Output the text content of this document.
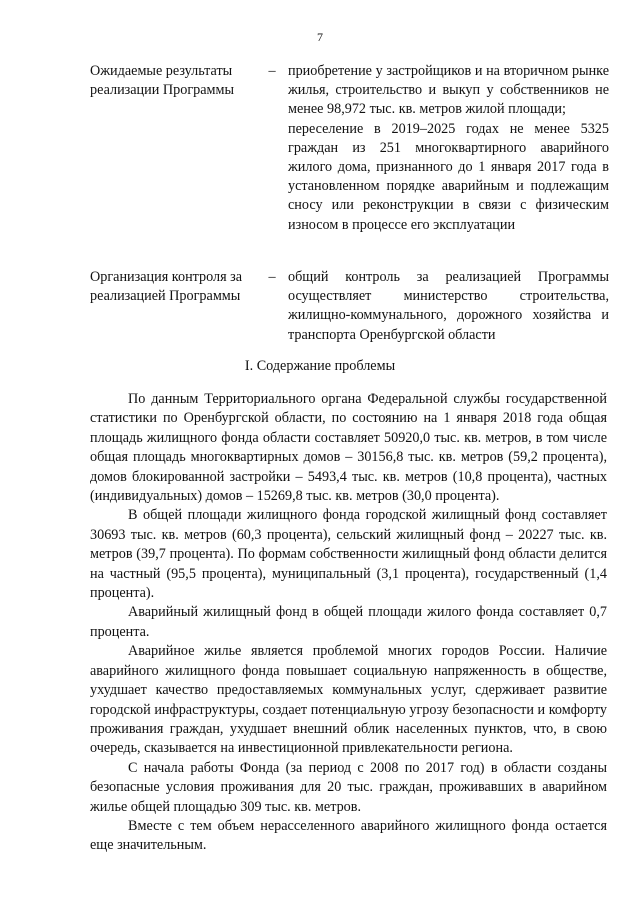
7
Ожидаемые результаты реализации Программы
– приобретение у застройщиков и на вторичном рынке жилья, строительство и выкуп у собственников не менее 98,972 тыс. кв. метров жилой площади;

переселение в 2019–2025 годах не менее 5325 граждан из 251 многоквартирного аварийного жилого дома, признанного до 1 января 2017 года в установленном порядке аварийным и подлежащим сносу или реконструкции в связи с физическим износом в процессе его эксплуатации

Организация контроля за реализацией Программы
– общий контроль за реализацией Программы осуществляет министерство строительства, жилищно-коммунального, дорожного хозяйства и транспорта Оренбургской области

I. Содержание проблемы

По данным Территориального органа Федеральной службы государственной статистики по Оренбургской области, по состоянию на 1 января 2018 года общая площадь жилищного фонда области составляет 50920,0 тыс. кв. метров, в том числе общая площадь многоквартирных домов – 30156,8 тыс. кв. метров (59,2 процента), домов блокированной застройки – 5493,4 тыс. кв. метров (10,8 процента), частных (индивидуальных) домов – 15269,8 тыс. кв. метров (30,0 процента).

В общей площади жилищного фонда городской жилищный фонд составляет 30693 тыс. кв. метров (60,3 процента), сельский жилищный фонд – 20227 тыс. кв. метров (39,7 процента). По формам собственности жилищный фонд области делится на частный (95,5 процента), муниципальный (3,1 процента), государственный (1,4 процента).

Аварийный жилищный фонд в общей площади жилого фонда составляет 0,7 процента.

Аварийное жилье является проблемой многих городов России. Наличие аварийного жилищного фонда повышает социальную напряженность в обществе, ухудшает качество предоставляемых коммунальных услуг, сдерживает развитие городской инфраструктуры, создает потенциальную угрозу безопасности и комфорту проживания граждан, ухудшает внешний облик населенных пунктов, что, в свою очередь, сказывается на инвестиционной привлекательности региона.

С начала работы Фонда (за период с 2008 по 2017 год) в области созданы безопасные условия проживания для 20 тыс. граждан, проживавших в аварийном жилье общей площадью 309 тыс. кв. метров.

Вместе с тем объем нерасселенного аварийного жилищного фонда остается еще значительным.
